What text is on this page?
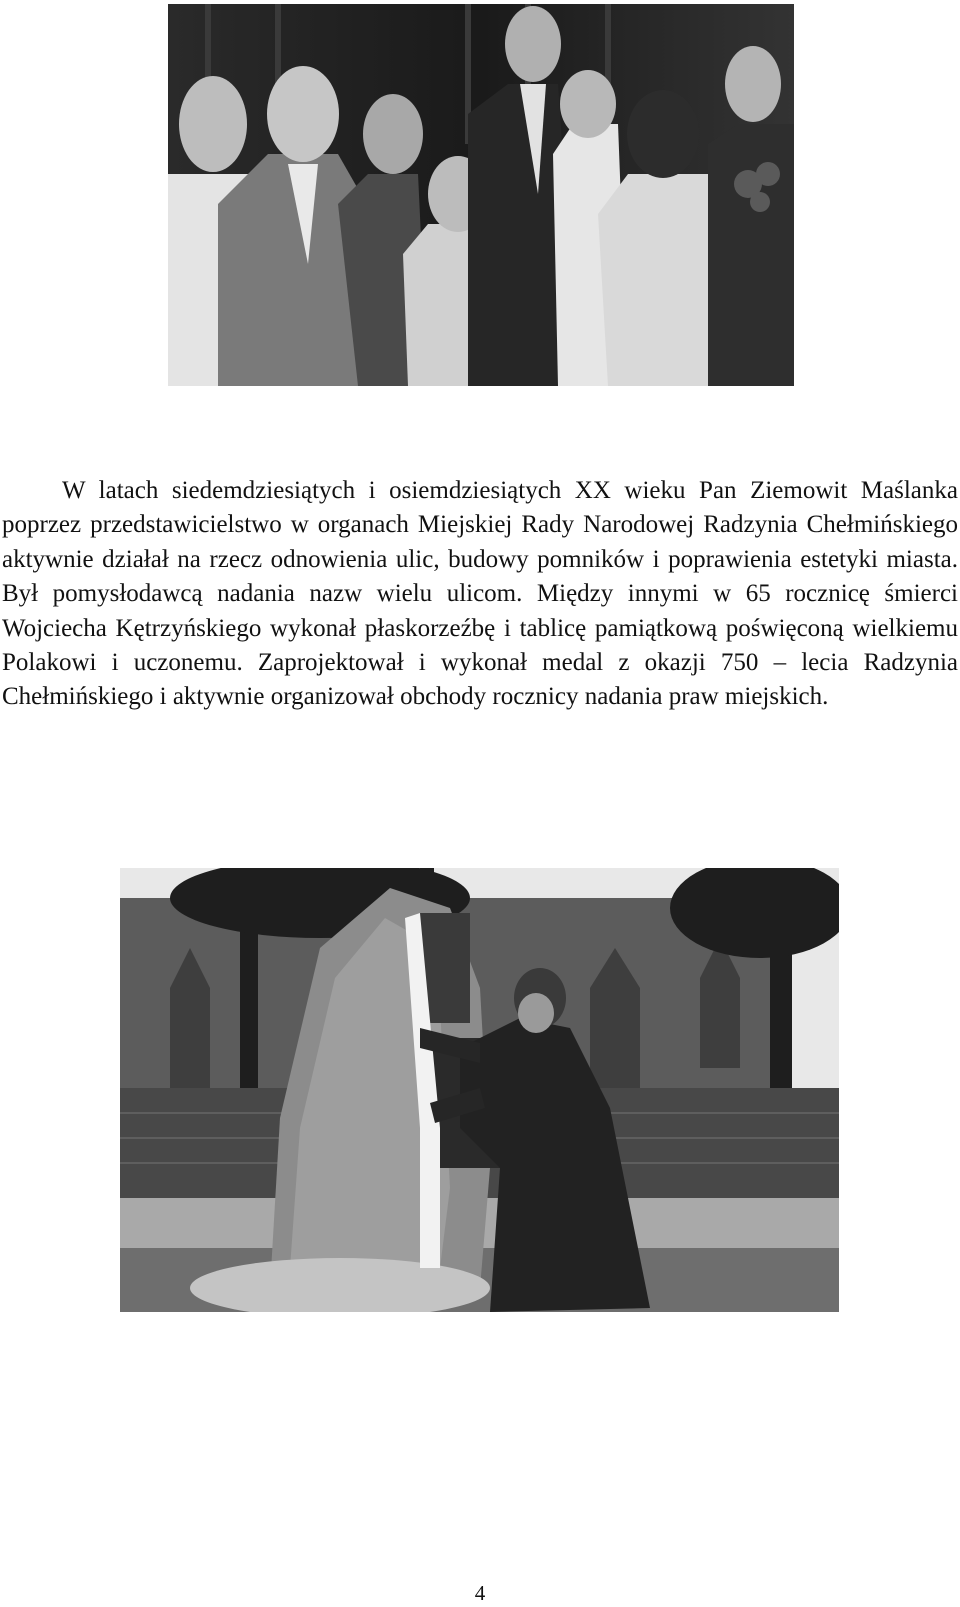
W latach siedemdziesiątych i osiemdziesiątych XX wieku Pan Ziemowit Maślanka poprzez przedstawicielstwo w organach Miejskiej Rady Narodowej Radzynia Chełmińskiego aktywnie działał na rzecz odnowienia ulic, budowy pomników i poprawienia estetyki miasta. Był pomysłodawcą nadania nazw wielu ulicom. Między innymi w 65 rocznicę śmierci Wojciecha Kętrzyńskiego wykonał płaskorzeźbę i tablicę pamiątkową poświęconą wielkiemu Polakowi i uczonemu. Zaprojektował i wykonał medal z okazji 750 – lecia Radzynia Chełmińskiego i aktywnie organizował obchody rocznicy nadania praw miejskich.

4
